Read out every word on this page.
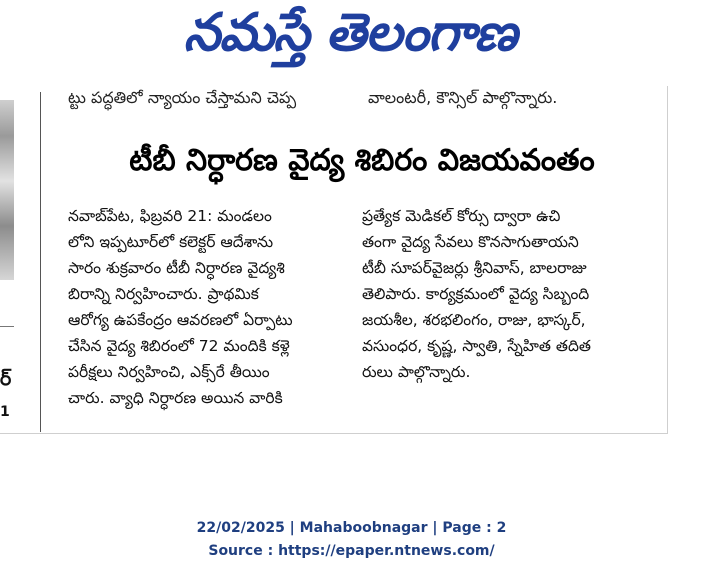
నమస్తే తెలంగాణ
ర్
1
ట్టు పద్ధతిలో న్యాయం చేస్తామని చెప్ప	వాలంటరీ, కౌన్సిల్ పాల్గొన్నారు.
టీబీ నిర్ధారణ వైద్య శిబిరం విజయవంతం
నవాబ్‌పేట, ఫిబ్రవరి 21: మండలం
లోని ఇప్పటూర్‌లో కలెక్టర్ ఆదేశాను
సారం శుక్రవారం టీబీ నిర్ధారణ వైద్యశి
బిరాన్ని నిర్వహించారు. ప్రాథమిక
ఆరోగ్య ఉపకేంద్రం ఆవరణలో ఏర్పాటు
చేసిన వైద్య శిబిరంలో 72 మందికి కళ్లె
పరీక్షలు నిర్వహించి, ఎక్స్‌రే తీయిం
చారు. వ్యాధి నిర్ధారణ అయిన వారికి
ప్రత్యేక మెడికల్ కోర్సు ద్వారా ఉచి
తంగా వైద్య సేవలు కొనసాగుతాయని
టీబీ సూపర్‌వైజర్లు శ్రీనివాస్, బాలరాజు
తెలిపారు. కార్యక్రమంలో వైద్య సిబ్బంది
జయశీల, శరభలింగం, రాజు, భాస్కర్,
వసుంధర, కృష్ణ, స్వాతి, స్నేహిత తదిత
రులు పాల్గొన్నారు.
22/02/2025 | Mahaboobnagar | Page : 2
Source : https://epaper.ntnews.com/
